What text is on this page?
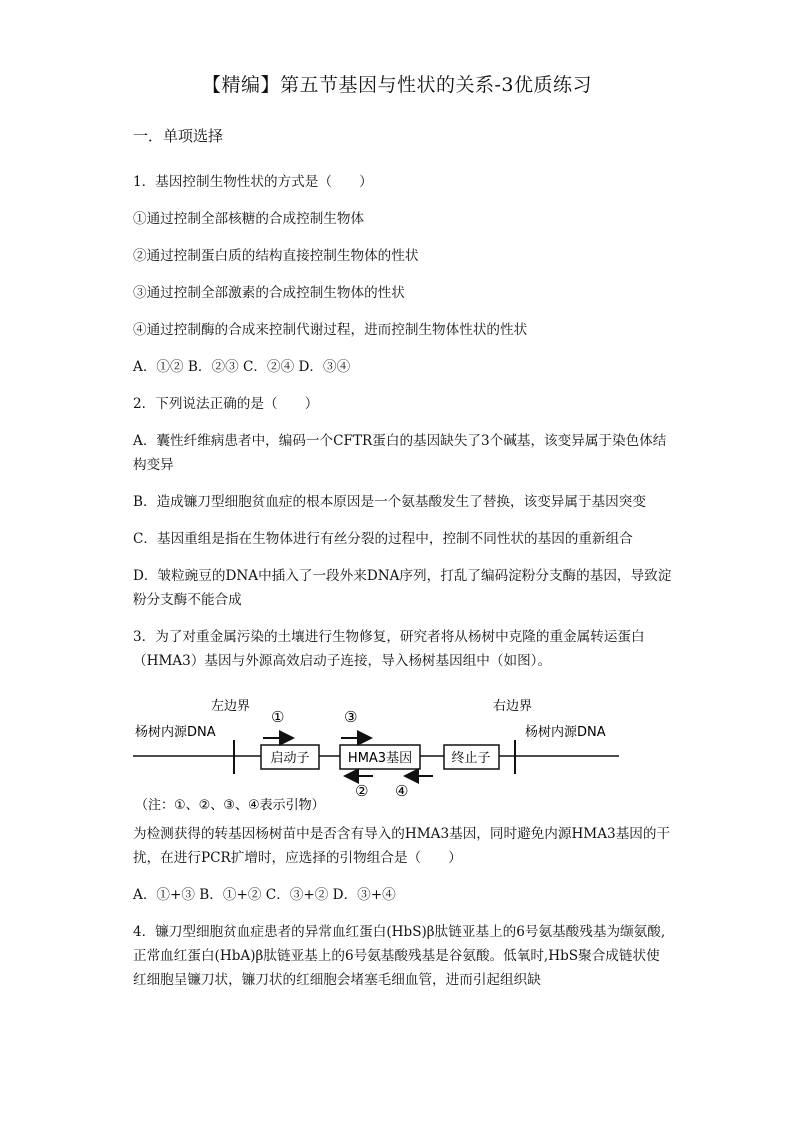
【精编】第五节基因与性状的关系-3优质练习
一．单项选择

1．基因控制生物性状的方式是（　　）

①通过控制全部核糖的合成控制生物体

②通过控制蛋白质的结构直接控制生物体的性状

③通过控制全部激素的合成控制生物体的性状

④通过控制酶的合成来控制代谢过程，进而控制生物体性状的性状

A．①② B．②③ C．②④ D．③④

2．下列说法正确的是（　　）

A．囊性纤维病患者中，编码一个CFTR蛋白的基因缺失了3个碱基，该变异属于染色体结构变异

B．造成镰刀型细胞贫血症的根本原因是一个氨基酸发生了替换，该变异属于基因突变

C．基因重组是指在生物体进行有丝分裂的过程中，控制不同性状的基因的重新组合

D．皱粒豌豆的DNA中插入了一段外来DNA序列，打乱了编码淀粉分支酶的基因，导致淀粉分支酶不能合成

3．为了对重金属污染的土壤进行生物修复，研究者将从杨树中克隆的重金属转运蛋白（HMA3）基因与外源高效启动子连接，导入杨树基因组中（如图）。

左边界	右边界
杨树内源DNA	杨树内源DNA
启动子	HMA3基因	终止子
①	③
② ④
（注：①、②、③、④表示引物）

为检测获得的转基因杨树苗中是否含有导入的HMA3基因，同时避免内源HMA3基因的干扰，在进行PCR扩增时，应选择的引物组合是（　　）

A．①+③ B．①+② C．③+② D．③+④

4．镰刀型细胞贫血症患者的异常血红蛋白(HbS)β肽链亚基上的6号氨基酸残基为缬氨酸,正常血红蛋白(HbA)β肽链亚基上的6号氨基酸残基是谷氨酸。低氧时,HbS聚合成链状使红细胞呈镰刀状，镰刀状的红细胞会堵塞毛细血管，进而引起组织缺
